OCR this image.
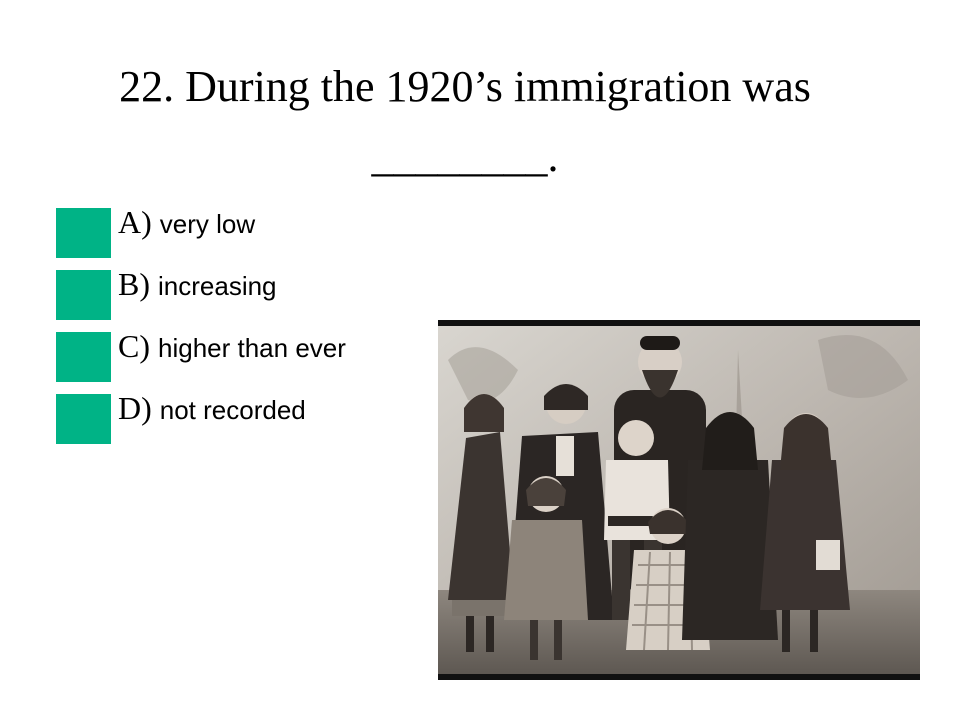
22. During the 1920’s immigration was
________.
A) very low
B) increasing
C) higher than ever
D) not recorded
